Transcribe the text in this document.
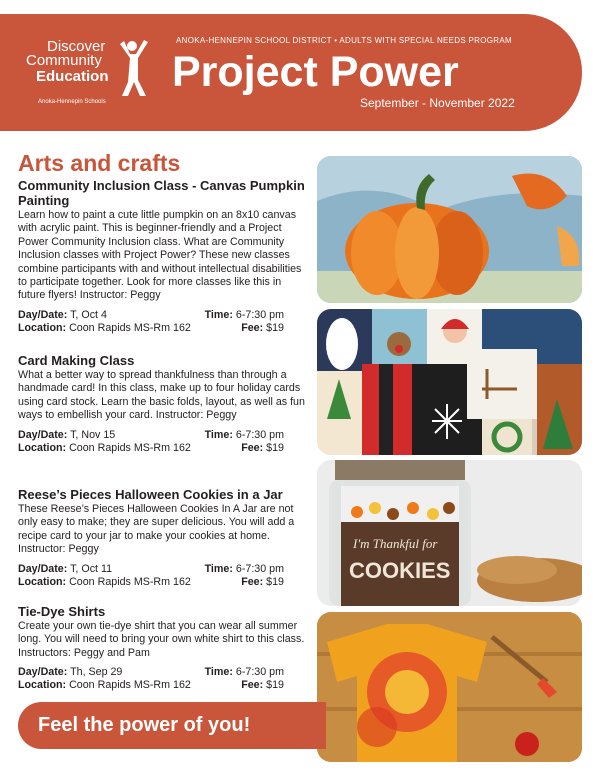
Discover
Community
Education
Anoka-Hennepin Schools
ANOKA-HENNEPIN SCHOOL DISTRICT • ADULTS WITH SPECIAL NEEDS PROGRAM
Project Power
September - November 2022
Arts and crafts
Community Inclusion Class - Canvas Pumpkin Painting
Learn how to paint a cute little pumpkin on an 8x10 canvas with acrylic paint. This is beginner-friendly and a Project Power Community Inclusion class. What are Community Inclusion classes with Project Power? These new classes combine participants with and without intellectual disabilities to participate together. Look for more classes like this in future flyers! Instructor: Peggy
Day/Date: T, Oct 4
Location: Coon Rapids MS-Rm 162
Time: 6-7:30 pm
Fee: $19
Card Making Class
What a better way to spread thankfulness than through a handmade card! In this class, make up to four holiday cards using card stock. Learn the basic folds, layout, as well as fun ways to embellish your card. Instructor: Peggy
Day/Date: T, Nov 15
Location: Coon Rapids MS-Rm 162
Time: 6-7:30 pm
Fee: $19
Reese’s Pieces Halloween Cookies in a Jar
These Reese’s Pieces Halloween Cookies In A Jar are not only easy to make; they are super delicious. You will add a recipe card to your jar to make your cookies at home. Instructor: Peggy
Day/Date: T, Oct 11
Location: Coon Rapids MS-Rm 162
Time: 6-7:30 pm
Fee: $19
Tie-Dye Shirts
Create your own tie-dye shirt that you can wear all summer long. You will need to bring your own white shirt to this class. Instructors: Peggy and Pam
Day/Date: Th, Sep 29
Location: Coon Rapids MS-Rm 162
Time: 6-7:30 pm
Fee: $19
I'm Thankful for
COOKIES
Feel the power of you!
